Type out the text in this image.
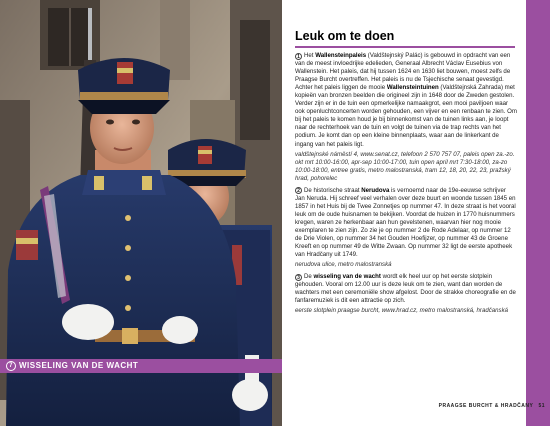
7 WISSELING VAN DE WACHT
Leuk om te doen

1 Het Wallensteinpaleis (Valdštejnský Palác) is gebouwd in opdracht van een van de meest invloedrijke edelieden, Generaal Albrecht Václav Eusebius von Wallenstein. Het paleis, dat hij tussen 1624 en 1630 liet bouwen, moest zelfs de Praagse Burcht overtreffen. Het paleis is nu de Tsjechische senaat gevestigd. Achter het paleis liggen de mooie Wallensteintuinen (Valdštejnská Zahrada) met kopieën van bronzen beelden die origineel zijn in 1648 door de Zweden gestolen. Verder zijn er in de tuin een opmerkelijke namaakgrot, een mooi paviljoen waar ook openluchtconcerten worden gehouden, een vijver en een renbaan te zien. Om bij het paleis te komen houd je bij binnenkomst van de tuinen links aan, je loopt naar de rechterhoek van de tuin en volgt de tuinen via de trap rechts van het podium. Je komt dan op een kleine binnenplaats, waar aan de linkerkant de ingang van het paleis ligt.

valdštejnské náměstí 4, www.senat.cz, telefoon 2 570 757 07, paleis open za.-zo. okt mrt 10:00-16:00, apr-sep 10:00-17:00, tuin open april mrt 7:30-18:00, za-zo 10:00-18:00, entree gratis, metro malostranská, tram 12, 18, 20, 22, 23, pražský hrad, pohorelec

2 De historische straat Nerudova is vernoemd naar de 19e-eeuwse schrijver Jan Neruda. Hij schreef veel verhalen over deze buurt en woonde tussen 1845 en 1857 in het Huis bij de Twee Zonnetjes op nummer 47. In deze straat is het vooral leuk om de oude huisnamen te bekijken. Voordat de huizen in 1770 huisnummers kregen, waren ze herkenbaar aan hun gevelstenen, waarvan hier nog mooie exemplaren te zien zijn. Zo zie je op nummer 2 de Rode Adelaar, op nummer 12 de Drie Violen, op nummer 34 het Gouden Hoefijzer, op nummer 43 de Groene Kreeft en op nummer 49 de Witte Zwaan. Op nummer 32 ligt de eerste apotheek van Hradčany uit 1749.

nerudova ulice, metro malostranská

3 De wisseling van de wacht wordt elk heel uur op het eerste slotplein gehouden. Vooral om 12.00 uur is deze leuk om te zien, want dan worden de wachters met een ceremoniële show afgelost. Door de strakke choreografie en de fanfaremuziek is dit een attractie op zich.

eerste slotplein praagse burcht, www.hrad.cz, metro malostranská, hradčanská

PRAAGSE BURCHT & HRADČANY ▪51
